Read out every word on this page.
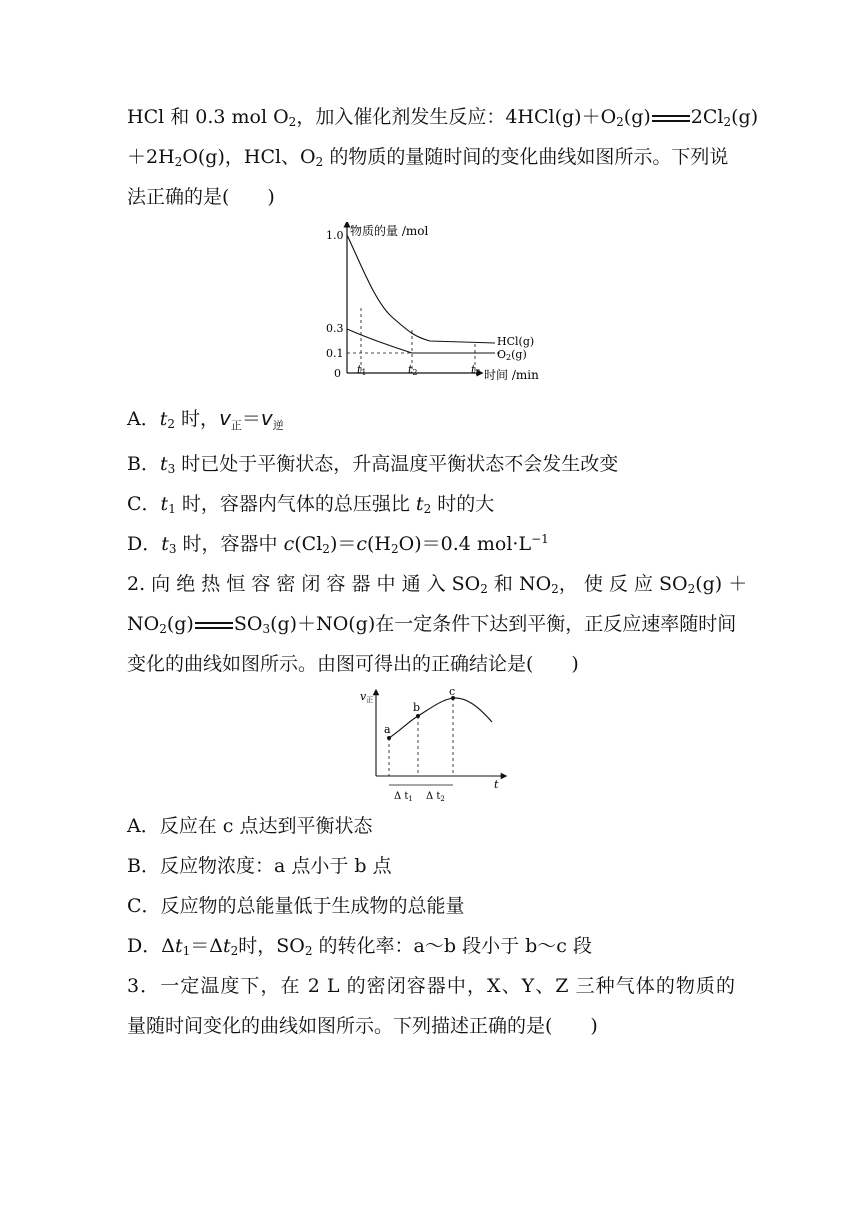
HCl 和 0.3 mol $O_2$，加入催化剂发生反应：$4HCl(g)+O_2(g)$ $2Cl_2(g)$
$+2H_2O(g)$，HCl、$O_2$ 的物质的量随时间的变化曲线如图所示。下列说
法正确的是(　　)
物质的量 /mol
1.0
0.3
0.1
0 t1	t2	t3 时间 /min
HCl(g)
O2(g)
A．$t_2$ 时，$v_正=v_逆$
B．$t_3$ 时已处于平衡状态，升高温度平衡状态不会发生改变
C．$t_1$ 时，容器内气体的总压强比 $t_2$ 时的大
D．$t_3$ 时，容器中 $c(Cl_2)=c(H_2O)=0.4$ $mol\cdot L^{-1}$
2. 向 绝 热 恒 容 密 闭 容 器 中 通 入 $SO_2$ 和 $NO_2$， 使 反 应 $SO_2(g)$ ＋
$NO_2(g)$ $SO_3(g)+NO(g)$在一定条件下达到平衡，正反应速率随时间
变化的曲线如图所示。由图可得出的正确结论是(　　)
v正
t
a
b
c
Δ $t_1$ Δ $t_2$
A．反应在 c 点达到平衡状态
B．反应物浓度：a 点小于 b 点
C．反应物的总能量低于生成物的总能量
D．$\Delta t_1=\Delta t_2$时，$SO_2$ 的转化率：a～b 段小于 b～c 段
3．一定温度下，在 2 L 的密闭容器中，X、Y、Z 三种气体的物质的
量随时间变化的曲线如图所示。下列描述正确的是(　　)
